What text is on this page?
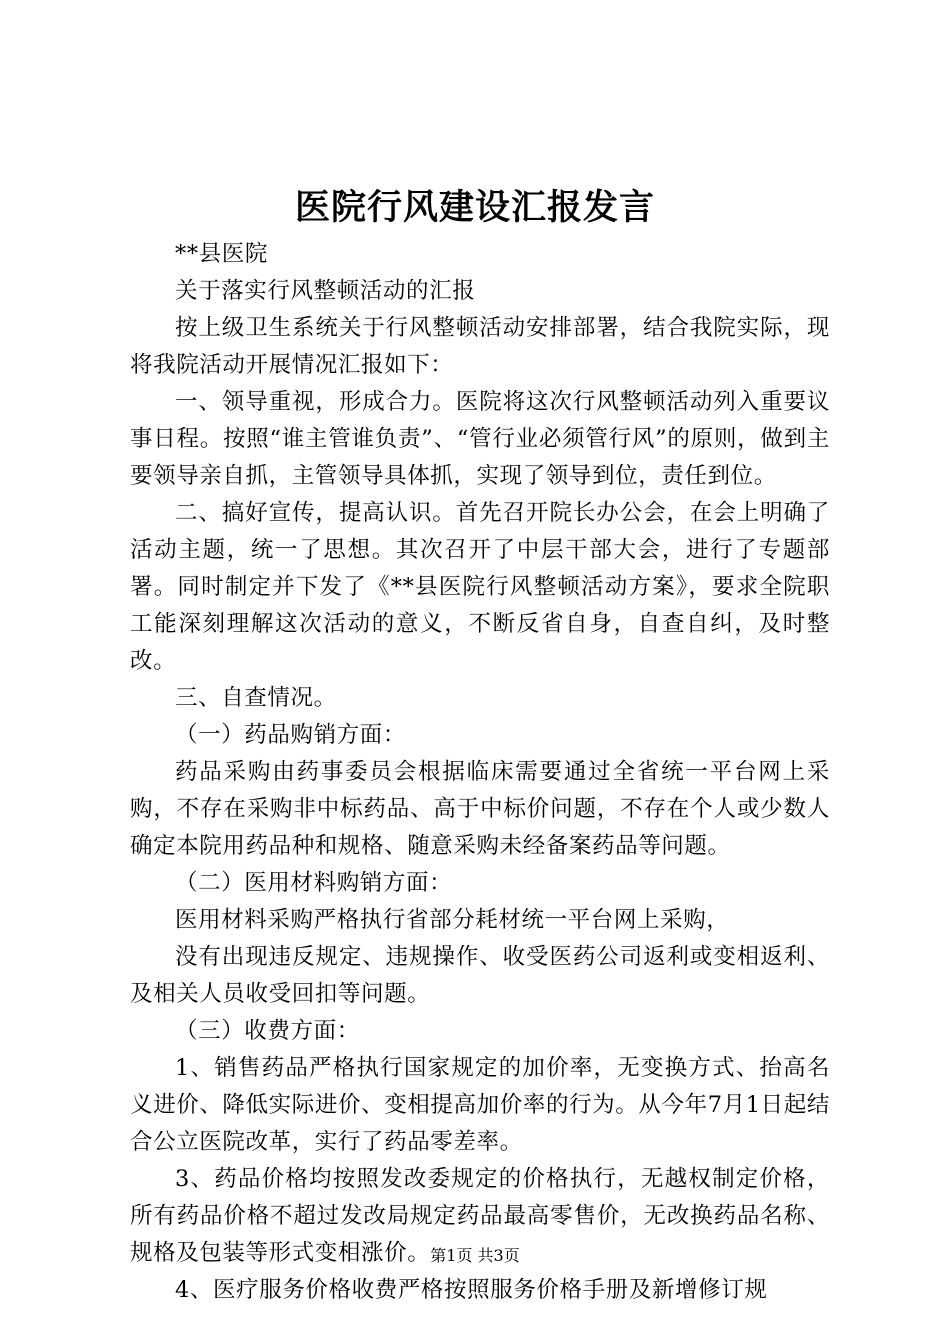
医院行风建设汇报发言

**县医院

关于落实行风整顿活动的汇报

按上级卫生系统关于行风整顿活动安排部署，结合我院实际，现将我院活动开展情况汇报如下：

一、领导重视，形成合力。医院将这次行风整顿活动列入重要议事日程。按照“谁主管谁负责”、“管行业必须管行风”的原则，做到主要领导亲自抓，主管领导具体抓，实现了领导到位，责任到位。

二、搞好宣传，提高认识。首先召开院长办公会，在会上明确了活动主题，统一了思想。其次召开了中层干部大会，进行了专题部署。同时制定并下发了《**县医院行风整顿活动方案》，要求全院职工能深刻理解这次活动的意义，不断反省自身，自查自纠，及时整改。

三、自查情况。

（一）药品购销方面：

药品采购由药事委员会根据临床需要通过全省统一平台网上采购，不存在采购非中标药品、高于中标价问题，不存在个人或少数人确定本院用药品种和规格、随意采购未经备案药品等问题。

（二）医用材料购销方面：

医用材料采购严格执行省部分耗材统一平台网上采购，

没有出现违反规定、违规操作、收受医药公司返利或变相返利、及相关人员收受回扣等问题。

（三）收费方面：

1、销售药品严格执行国家规定的加价率，无变换方式、抬高名义进价、降低实际进价、变相提高加价率的行为。从今年7月1日起结合公立医院改革，实行了药品零差率。

3、药品价格均按照发改委规定的价格执行，无越权制定价格，所有药品价格不超过发改局规定药品最高零售价，无改换药品名称、规格及包装等形式变相涨价。

4、医疗服务价格收费严格按照服务价格手册及新增修订规

第1页 共3页
